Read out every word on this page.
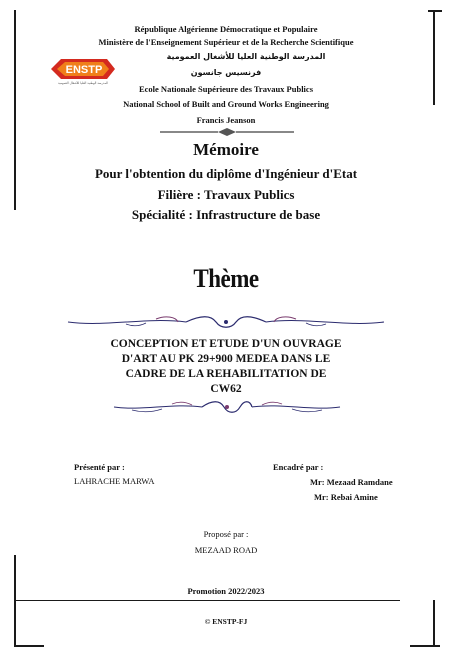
République Algérienne Démocratique et Populaire
Ministère de l'Enseignement Supérieur et de la Recherche Scientifique
ENSTP
المدرسة الوطنية العليا للأشغال العمومية
المدرسة الوطنية العليا للأشغال العمومية
فرنسيس جانسون
Ecole Nationale Supérieure des Travaux Publics
National School of Built and Ground Works Engineering
Francis Jeanson
Mémoire
Pour l'obtention du diplôme d'Ingénieur d'Etat
Filière : Travaux Publics
Spécialité : Infrastructure de base
Thème
CONCEPTION ET ETUDE D'UN OUVRAGE
D'ART AU PK 29+900 MEDEA DANS LE
CADRE DE LA REHABILITATION DE
CW62
Présenté par :
LAHRACHE MARWA
Encadré par :
Mr: Mezaad Ramdane
Mr: Rebai Amine
Proposé par :
MEZAAD ROAD
Promotion 2022/2023
© ENSTP-FJ
